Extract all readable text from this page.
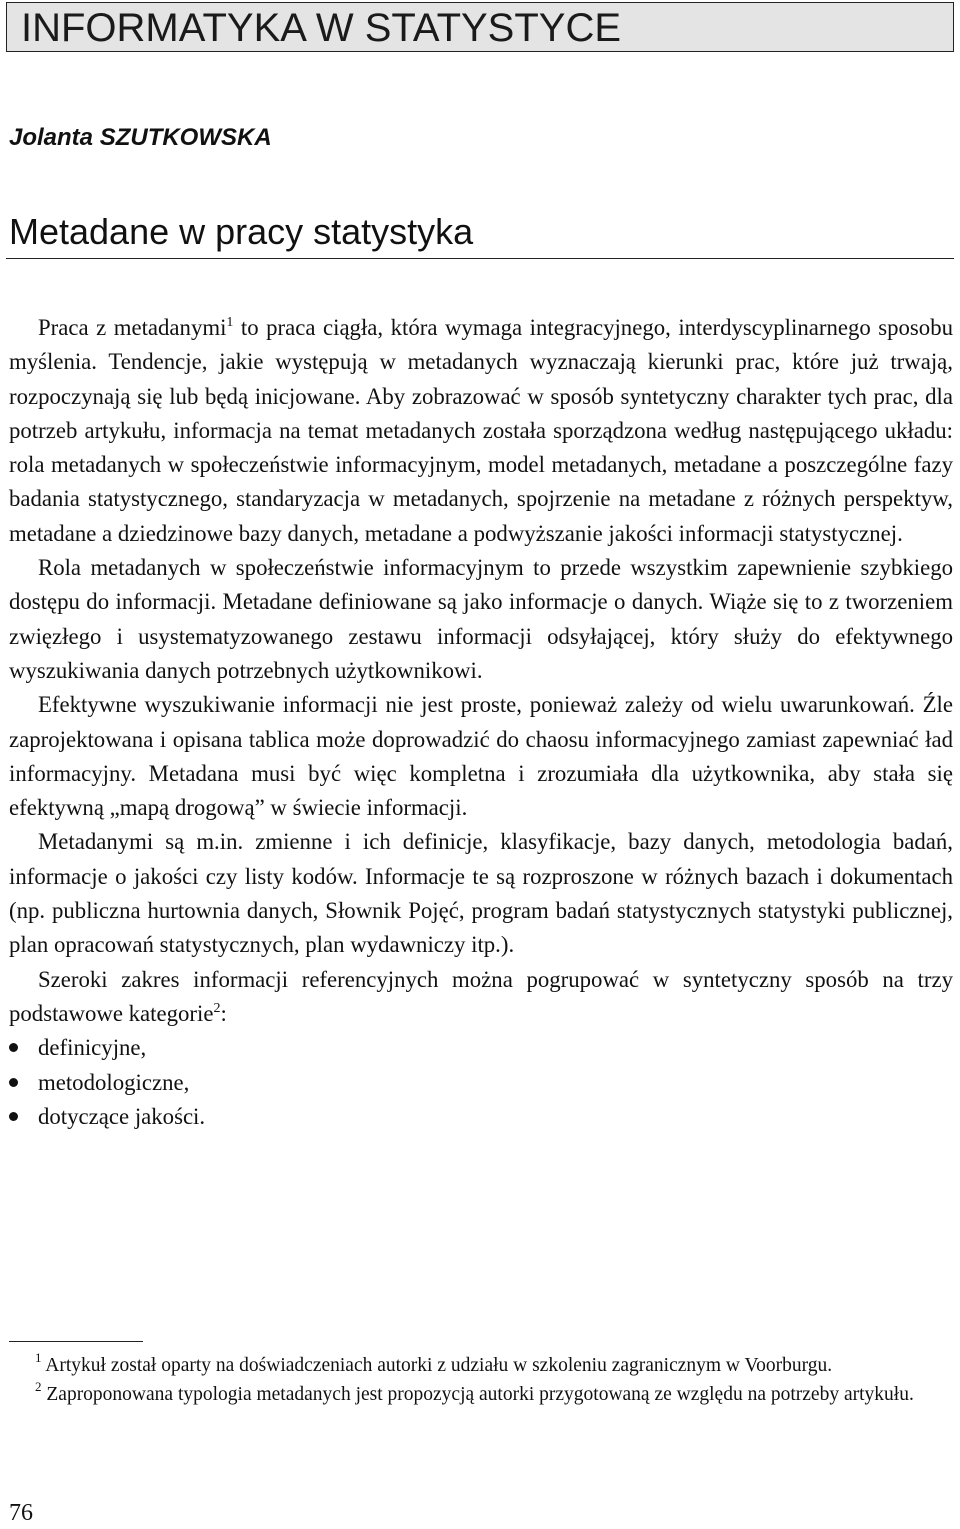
INFORMATYKA W STATYSTYCE
Jolanta SZUTKOWSKA
Metadane w pracy statystyka

Praca z metadanymi$^1$ to praca ciągła, która wymaga integracyjnego, interdyscyplinarnego sposobu myślenia. Tendencje, jakie występują w metadanych wyznaczają kierunki prac, które już trwają, rozpoczynają się lub będą inicjowane. Aby zobrazować w sposób syntetyczny charakter tych prac, dla potrzeb artykułu, informacja na temat metadanych została sporządzona według następującego układu: rola metadanych w społeczeństwie informacyjnym, model metadanych, metadane a poszczególne fazy badania statystycznego, standaryzacja w metadanych, spojrzenie na metadane z różnych perspektyw, metadane a dziedzinowe bazy danych, metadane a podwyższanie jakości informacji statystycznej.

Rola metadanych w społeczeństwie informacyjnym to przede wszystkim zapewnienie szybkiego dostępu do informacji. Metadane definiowane są jako informacje o danych. Wiąże się to z tworzeniem zwięzłego i usystematyzowanego zestawu informacji odsyłającej, który służy do efektywnego wyszukiwania danych potrzebnych użytkownikowi.

Efektywne wyszukiwanie informacji nie jest proste, ponieważ zależy od wielu uwarunkowań. Źle zaprojektowana i opisana tablica może doprowadzić do chaosu informacyjnego zamiast zapewniać ład informacyjny. Metadana musi być więc kompletna i zrozumiała dla użytkownika, aby stała się efektywną „mapą drogową” w świecie informacji.

Metadanymi są m.in. zmienne i ich definicje, klasyfikacje, bazy danych, metodologia badań, informacje o jakości czy listy kodów. Informacje te są rozproszone w różnych bazach i dokumentach (np. publiczna hurtownia danych, Słownik Pojęć, program badań statystycznych statystyki publicznej, plan opracowań statystycznych, plan wydawniczy itp.).

Szeroki zakres informacji referencyjnych można pogrupować w syntetyczny sposób na trzy podstawowe kategorie$^2$:

definicyjne,
metodologiczne,
dotyczące jakości.

$^1$ Artykuł został oparty na doświadczeniach autorki z udziału w szkoleniu zagranicznym w Voorburgu.

$^2$ Zaproponowana typologia metadanych jest propozycją autorki przygotowaną ze względu na potrzeby artykułu.

76
